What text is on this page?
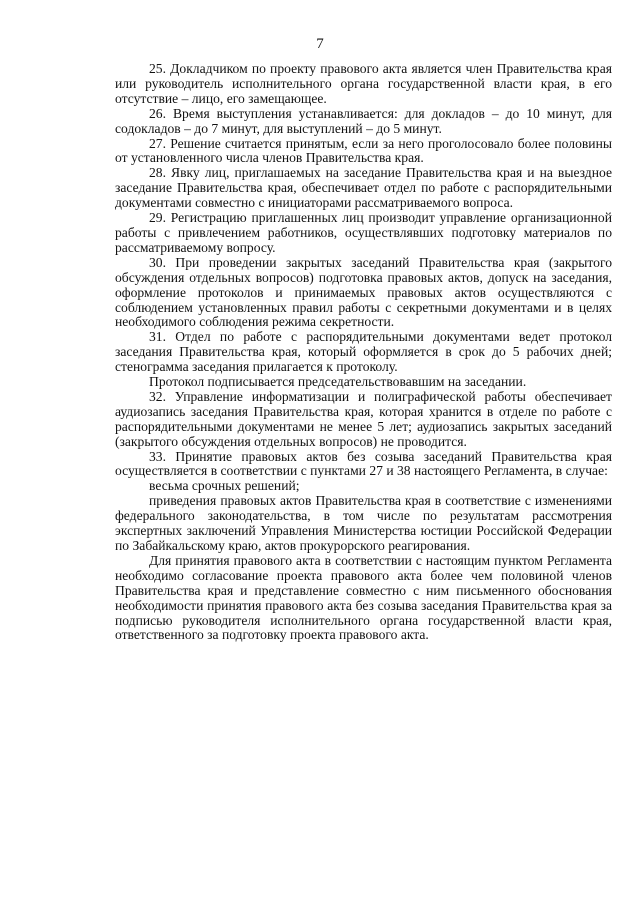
7

25. Докладчиком по проекту правового акта является член Правительства края или руководитель исполнительного органа государственной власти края, в его отсутствие – лицо, его замещающее.

26. Время выступления устанавливается: для докладов – до 10 минут, для содокладов – до 7 минут, для выступлений – до 5 минут.

27. Решение считается принятым, если за него проголосовало более половины от установленного числа членов Правительства края.

28. Явку лиц, приглашаемых на заседание Правительства края и на выездное заседание Правительства края, обеспечивает отдел по работе с распорядительными документами совместно с инициаторами рассматриваемого вопроса.

29. Регистрацию приглашенных лиц производит управление организационной работы с привлечением работников, осуществлявших подготовку материалов по рассматриваемому вопросу.

30. При проведении закрытых заседаний Правительства края (закрытого обсуждения отдельных вопросов) подготовка правовых актов, допуск на заседания, оформление протоколов и принимаемых правовых актов осуществляются с соблюдением установленных правил работы с секретными документами и в целях необходимого соблюдения режима секретности.

31. Отдел по работе с распорядительными документами ведет протокол заседания Правительства края, который оформляется в срок до 5 рабочих дней; стенограмма заседания прилагается к протоколу.

Протокол подписывается председательствовавшим на заседании.

32. Управление информатизации и полиграфической работы обеспечивает аудиозапись заседания Правительства края, которая хранится в отделе по работе с распорядительными документами не менее 5 лет; аудиозапись закрытых заседаний (закрытого обсуждения отдельных вопросов) не проводится.

33. Принятие правовых актов без созыва заседаний Правительства края осуществляется в соответствии с пунктами 27 и 38 настоящего Регламента, в случае:

весьма срочных решений;

приведения правовых актов Правительства края в соответствие с изменениями федерального законодательства, в том числе по результатам рассмотрения экспертных заключений Управления Министерства юстиции Российской Федерации по Забайкальскому краю, актов прокурорского реагирования.

Для принятия правового акта в соответствии с настоящим пунктом Регламента необходимо согласование проекта правового акта более чем половиной членов Правительства края и представление совместно с ним письменного обоснования необходимости принятия правового акта без созыва заседания Правительства края за подписью руководителя исполнительного органа государственной власти края, ответственного за подготовку проекта правового акта.
